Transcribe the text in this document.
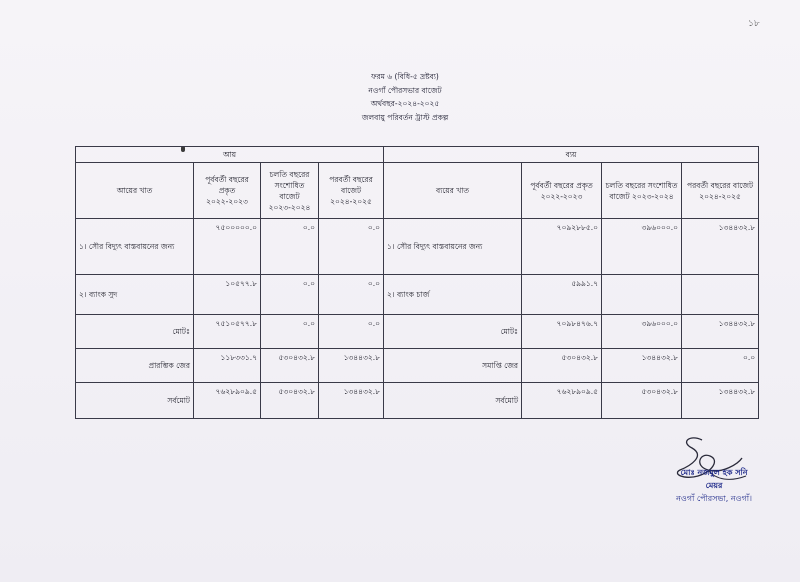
১৮
ফরম ৬ (বিধি-৫ দ্রষ্টব্য)
নওগাঁ পৌরসভার বাজেট
অর্থবছর-২০২৪-২০২৫
জলবায়ু পরিবর্তন ট্রাস্ট প্রকল্প
আয়				ব্যয়			
আয়ের খাত	পূর্ববর্তী বছরের প্রকৃত ২০২২-২০২৩	চলতি বছরের সংশোধিত বাজেট ২০২৩-২০২৪	পরবর্তী বছরের বাজেট ২০২৪-২০২৫	ব্যয়ের খাত	পূর্ববর্তী বছরের প্রকৃত ২০২২-২০২৩	চলতি বছরের সংশোধিত বাজেট ২০২৩-২০২৪	পরবর্তী বছরের বাজেট ২০২৪-২০২৫
১। সৌর বিদ্যুৎ বাস্তবায়নের জন্য	৭৫০০০০০.০	০.০	০.০	১। সৌর বিদ্যুৎ বাস্তবায়নের জন্য	৭০৯২৮৮৫.০	৩৯৬০০০.০	১৩৪৪৩২.৮
২। ব্যাংক সুদ	১০৫৭৭.৮	০.০	০.০	২। ব্যাংক চার্জ	৫৯৯১.৭		
মোটঃ	৭৫১০৫৭৭.৮	০.০	০.০	মোটঃ	৭০৯৮৪৭৬.৭	৩৯৬০০০.০	১৩৪৪৩২.৮
প্রারম্ভিক জের	১১৮৩৩১.৭	৫৩০৪৩২.৮	১৩৪৪৩২.৮	সমাপ্তি জের	৫৩০৪৩২.৮	১৩৪৪৩২.৮	০.০
সর্বমোট	৭৬২৮৯০৯.৫	৫৩০৪৩২.৮	১৩৪৪৩২.৮	সর্বমোট	৭৬২৮৯০৯.৫	৫৩০৪৩২.৮	১৩৪৪৩২.৮
মোঃ নজমুল হক সনি
মেয়র
নওগাঁ পৌরসভা, নওগাঁ।
